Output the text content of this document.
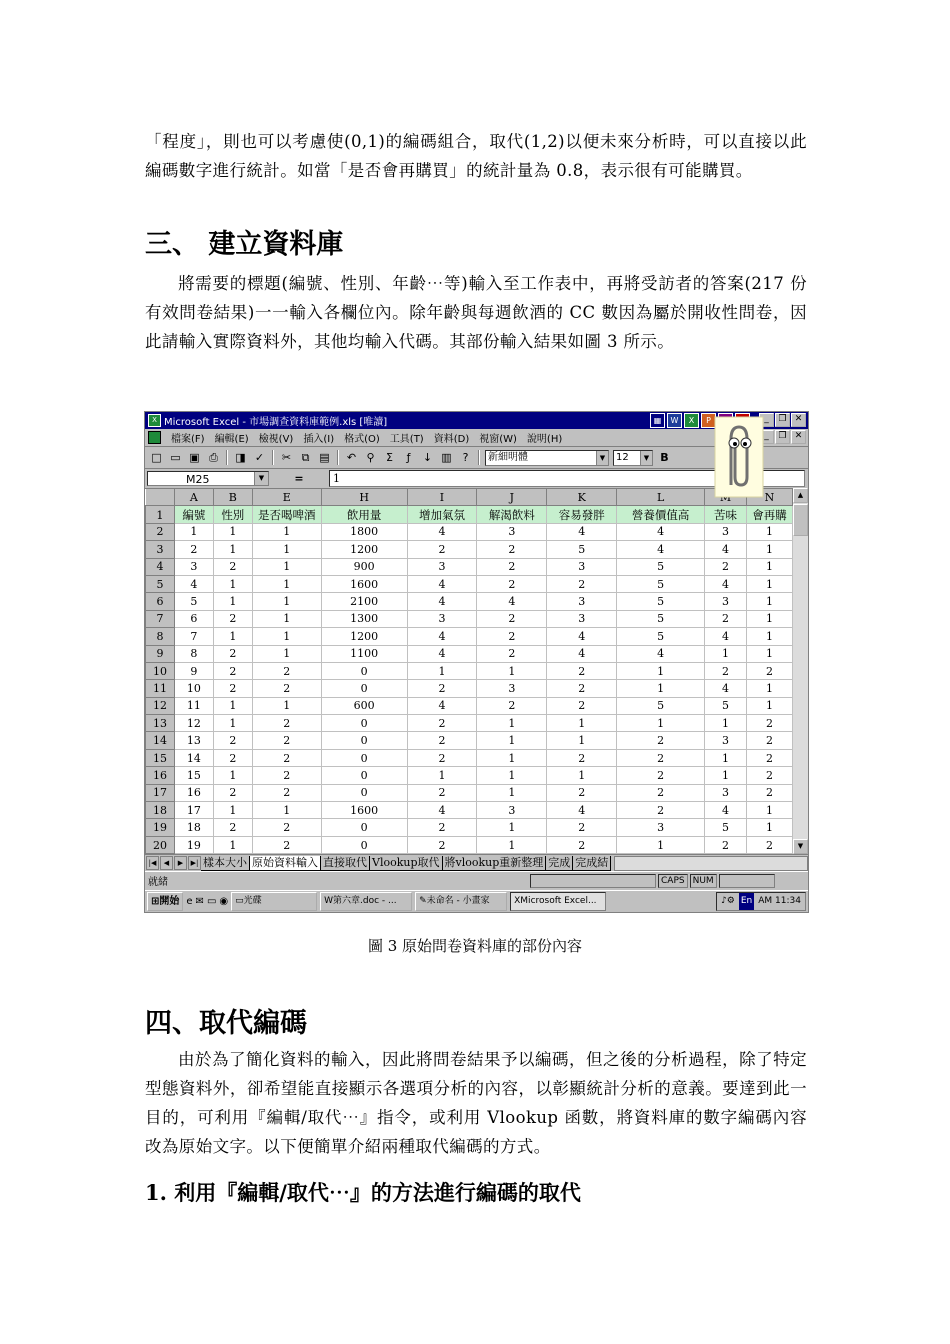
「程度」，則也可以考慮使(0,1)的編碼組合，取代(1,2)以便未來分析時，可以直接以此編碼數字進行統計。如當「是否會再購買」的統計量為 0.8，表示很有可能購買。
三、 建立資料庫
將需要的標題(編號、性別、年齡⋯等)輸入至工作表中，再將受訪者的答案(217 份有效問卷結果)一一輸入各欄位內。除年齡與每週飲酒的 CC 數因為屬於開收性問卷，因此請輸入實際資料外，其他均輸入代碼。其部份輸入結果如圖 3 所示。
X Microsoft Excel - 市場調查資料庫範例.xls [唯讀]	▦	W	X	P	_	❐ ✕
檔案(F) 編輯(E) 檢視(V) 插入(I) 格式(O) 工具(T) 資料(D) 視窗(W) 說明(H)	_	❐ ✕
□ ▭ ▣ ⎙ ◨ ✓ ✂ ⧉ ▤ ↶ ⚲	Σ	ƒ	↓ ▥ ?	新細明體	▼	12	▼ B
M25	▼	=	1
	A	B	E	H	I	J	K	L		N
1	編號	性別	是否喝啤酒	飲用量	增加氣氛	解渴飲料	容易發胖	營養價值高	苦味	會再購
2	1	1	1	1800	4	3	4	4	3	1
3	2	1	1	1200	2	2	5	4	4	1
4	3	2	1	900	3	2	3	5	2	1
5	4	1	1	1600	4	2	2	5	4	1
6	5	1	1	2100	4	4	3	5	3	1
7	6	2	1	1300	3	2	3	5	2	1
8	7	1	1	1200	4	2	4	5	4	1
9	8	2	1	1100	4	2	4	4	1	1
10	9	2	2	0	1	1	2	1	2	2
11	10	2	2	0	2	3	2	1	4	1
12	11	1	1	600	4	2	2	5	5	1
13	12	1	2	0	2	1	1	1	1	2
14	13	2	2	0	2	1	1	2	3	2
15	14	2	2	0	2	1	2	2	1	2
16	15	1	2	0	1	1	1	2	1	2
17	16	2	2	0	2	1	2	2	3	2
18	17	1	1	1600	4	3	4	2	4	1
19	18	2	2	0	2	1	2	3	5	1
20	19	1	2	0	2	1	2	1	2	2
▲
▼
|◀	◀	▶	▶| 樣本大小 原始資料輸入 直接取代 Vlookup取代 將vlookup重新整理 完成 完成結
就緒	CAPS NUM
⊞開始 e ✉ ▭ ◉ ▭光碟	W第六章.doc - ...	✎未命名 - 小畫家	XMicrosoft Excel...	♪⚙ En AM 11:34
圖 3 原始問卷資料庫的部份內容
四、取代編碼
由於為了簡化資料的輸入，因此將問卷結果予以編碼，但之後的分析過程，除了特定型態資料外，卻希望能直接顯示各選項分析的內容，以彰顯統計分析的意義。要達到此一目的，可利用『編輯/取代⋯』指令，或利用 Vlookup 函數，將資料庫的數字編碼內容改為原始文字。以下便簡單介紹兩種取代編碼的方式。
1. 利用『編輯/取代⋯』的方法進行編碼的取代
